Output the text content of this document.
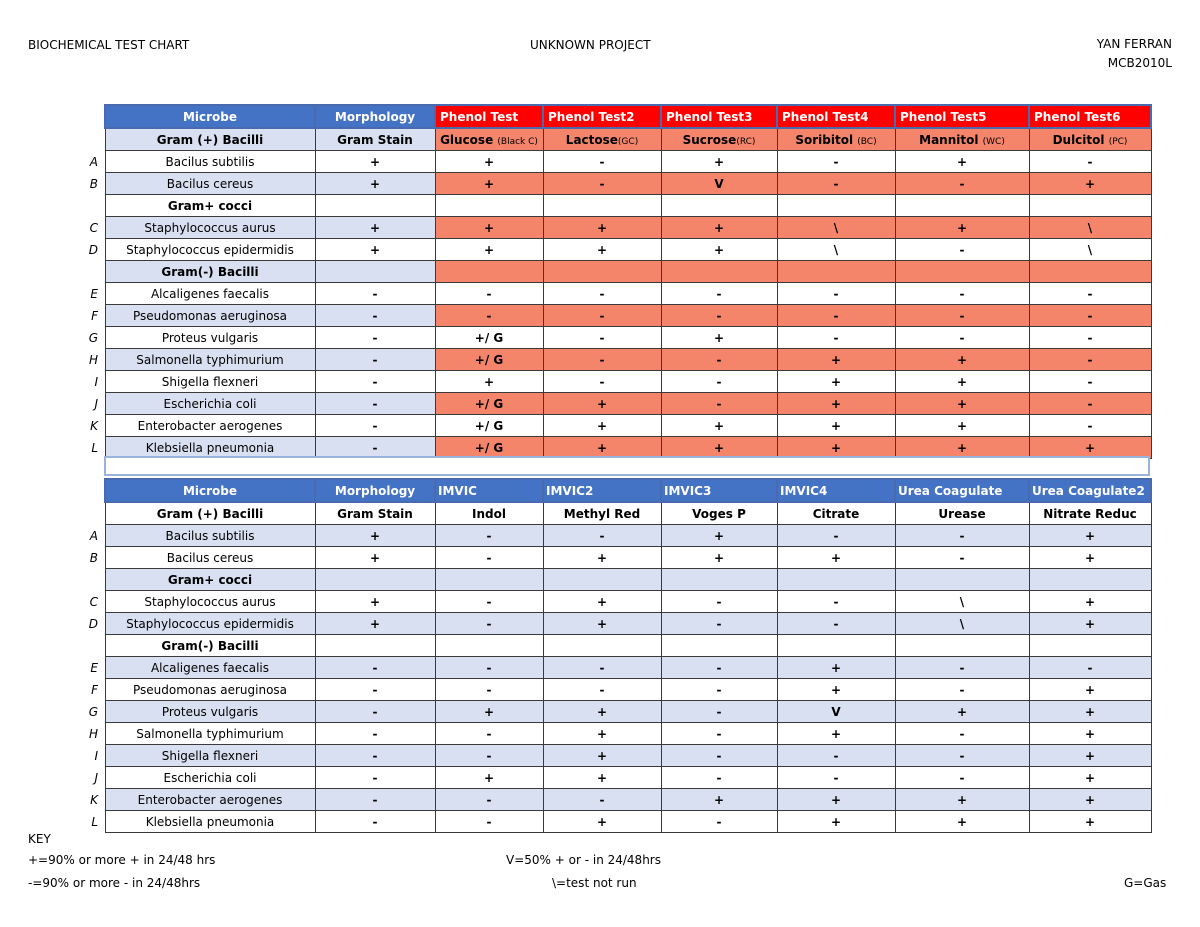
BIOCHEMICAL TEST CHART	UNKNOWN PROJECT	YAN FERRAN
MCB2010L
Microbe	Morphology	Phenol Test	Phenol Test2	Phenol Test3	Phenol Test4	Phenol Test5	Phenol Test6
Gram (+) Bacilli	Gram Stain	Glucose (Black C)	Lactose(GC)	Sucrose(RC)	Soribitol (BC)	Mannitol (WC)	Dulcitol (PC)
Bacilus subtilis	+	+	-	+	-	+	-
Bacilus cereus	+	+	-	V	-	-	+
Gram+ cocci							
Staphylococcus aurus	+	+	+	+	\	+	\
Staphylococcus epidermidis	+	+	+	+	\	-	\
Gram(-) Bacilli							
Alcaligenes faecalis	-	-	-	-	-	-	-
Pseudomonas aeruginosa	-	-	-	-	-	-	-
Proteus vulgaris	-	+/ G	-	+	-	-	-
Salmonella typhimurium	-	+/ G	-	-	+	+	-
Shigella flexneri	-	+	-	-	+	+	-
Escherichia coli	-	+/ G	+	-	+	+	-
Enterobacter aerogenes	-	+/ G	+	+	+	+	-
Klebsiella pneumonia	-	+/ G	+	+	+	+	+
Microbe	Morphology	IMVIC	IMVIC2	IMVIC3	IMVIC4	Urea Coagulate	Urea Coagulate2
Gram (+) Bacilli	Gram Stain	Indol	Methyl Red	Voges P	Citrate	Urease	Nitrate Reduc
Bacilus subtilis	+	-	-	+	-	-	+
Bacilus cereus	+	-	+	+	+	-	+
Gram+ cocci							
Staphylococcus aurus	+	-	+	-	-	\	+
Staphylococcus epidermidis	+	-	+	-	-	\	+
Gram(-) Bacilli							
Alcaligenes faecalis	-	-	-	-	+	-	-
Pseudomonas aeruginosa	-	-	-	-	+	-	+
Proteus vulgaris	-	+	+	-	V	+	+
Salmonella typhimurium	-	-	+	-	+	-	+
Shigella flexneri	-	-	+	-	-	-	+
Escherichia coli	-	+	+	-	-	-	+
Enterobacter aerogenes	-	-	-	+	+	+	+
Klebsiella pneumonia	-	-	+	-	+	+	+
A
B
C
D
E
F
G
H
I
J
K
L
A
B
C
D
E
F
G
H
I
J
K
L
KEY
+=90% or more + in 24/48 hrs
-=90% or more - in 24/48hrs
V=50% + or - in 24/48hrs
\=test not run	G=Gas
